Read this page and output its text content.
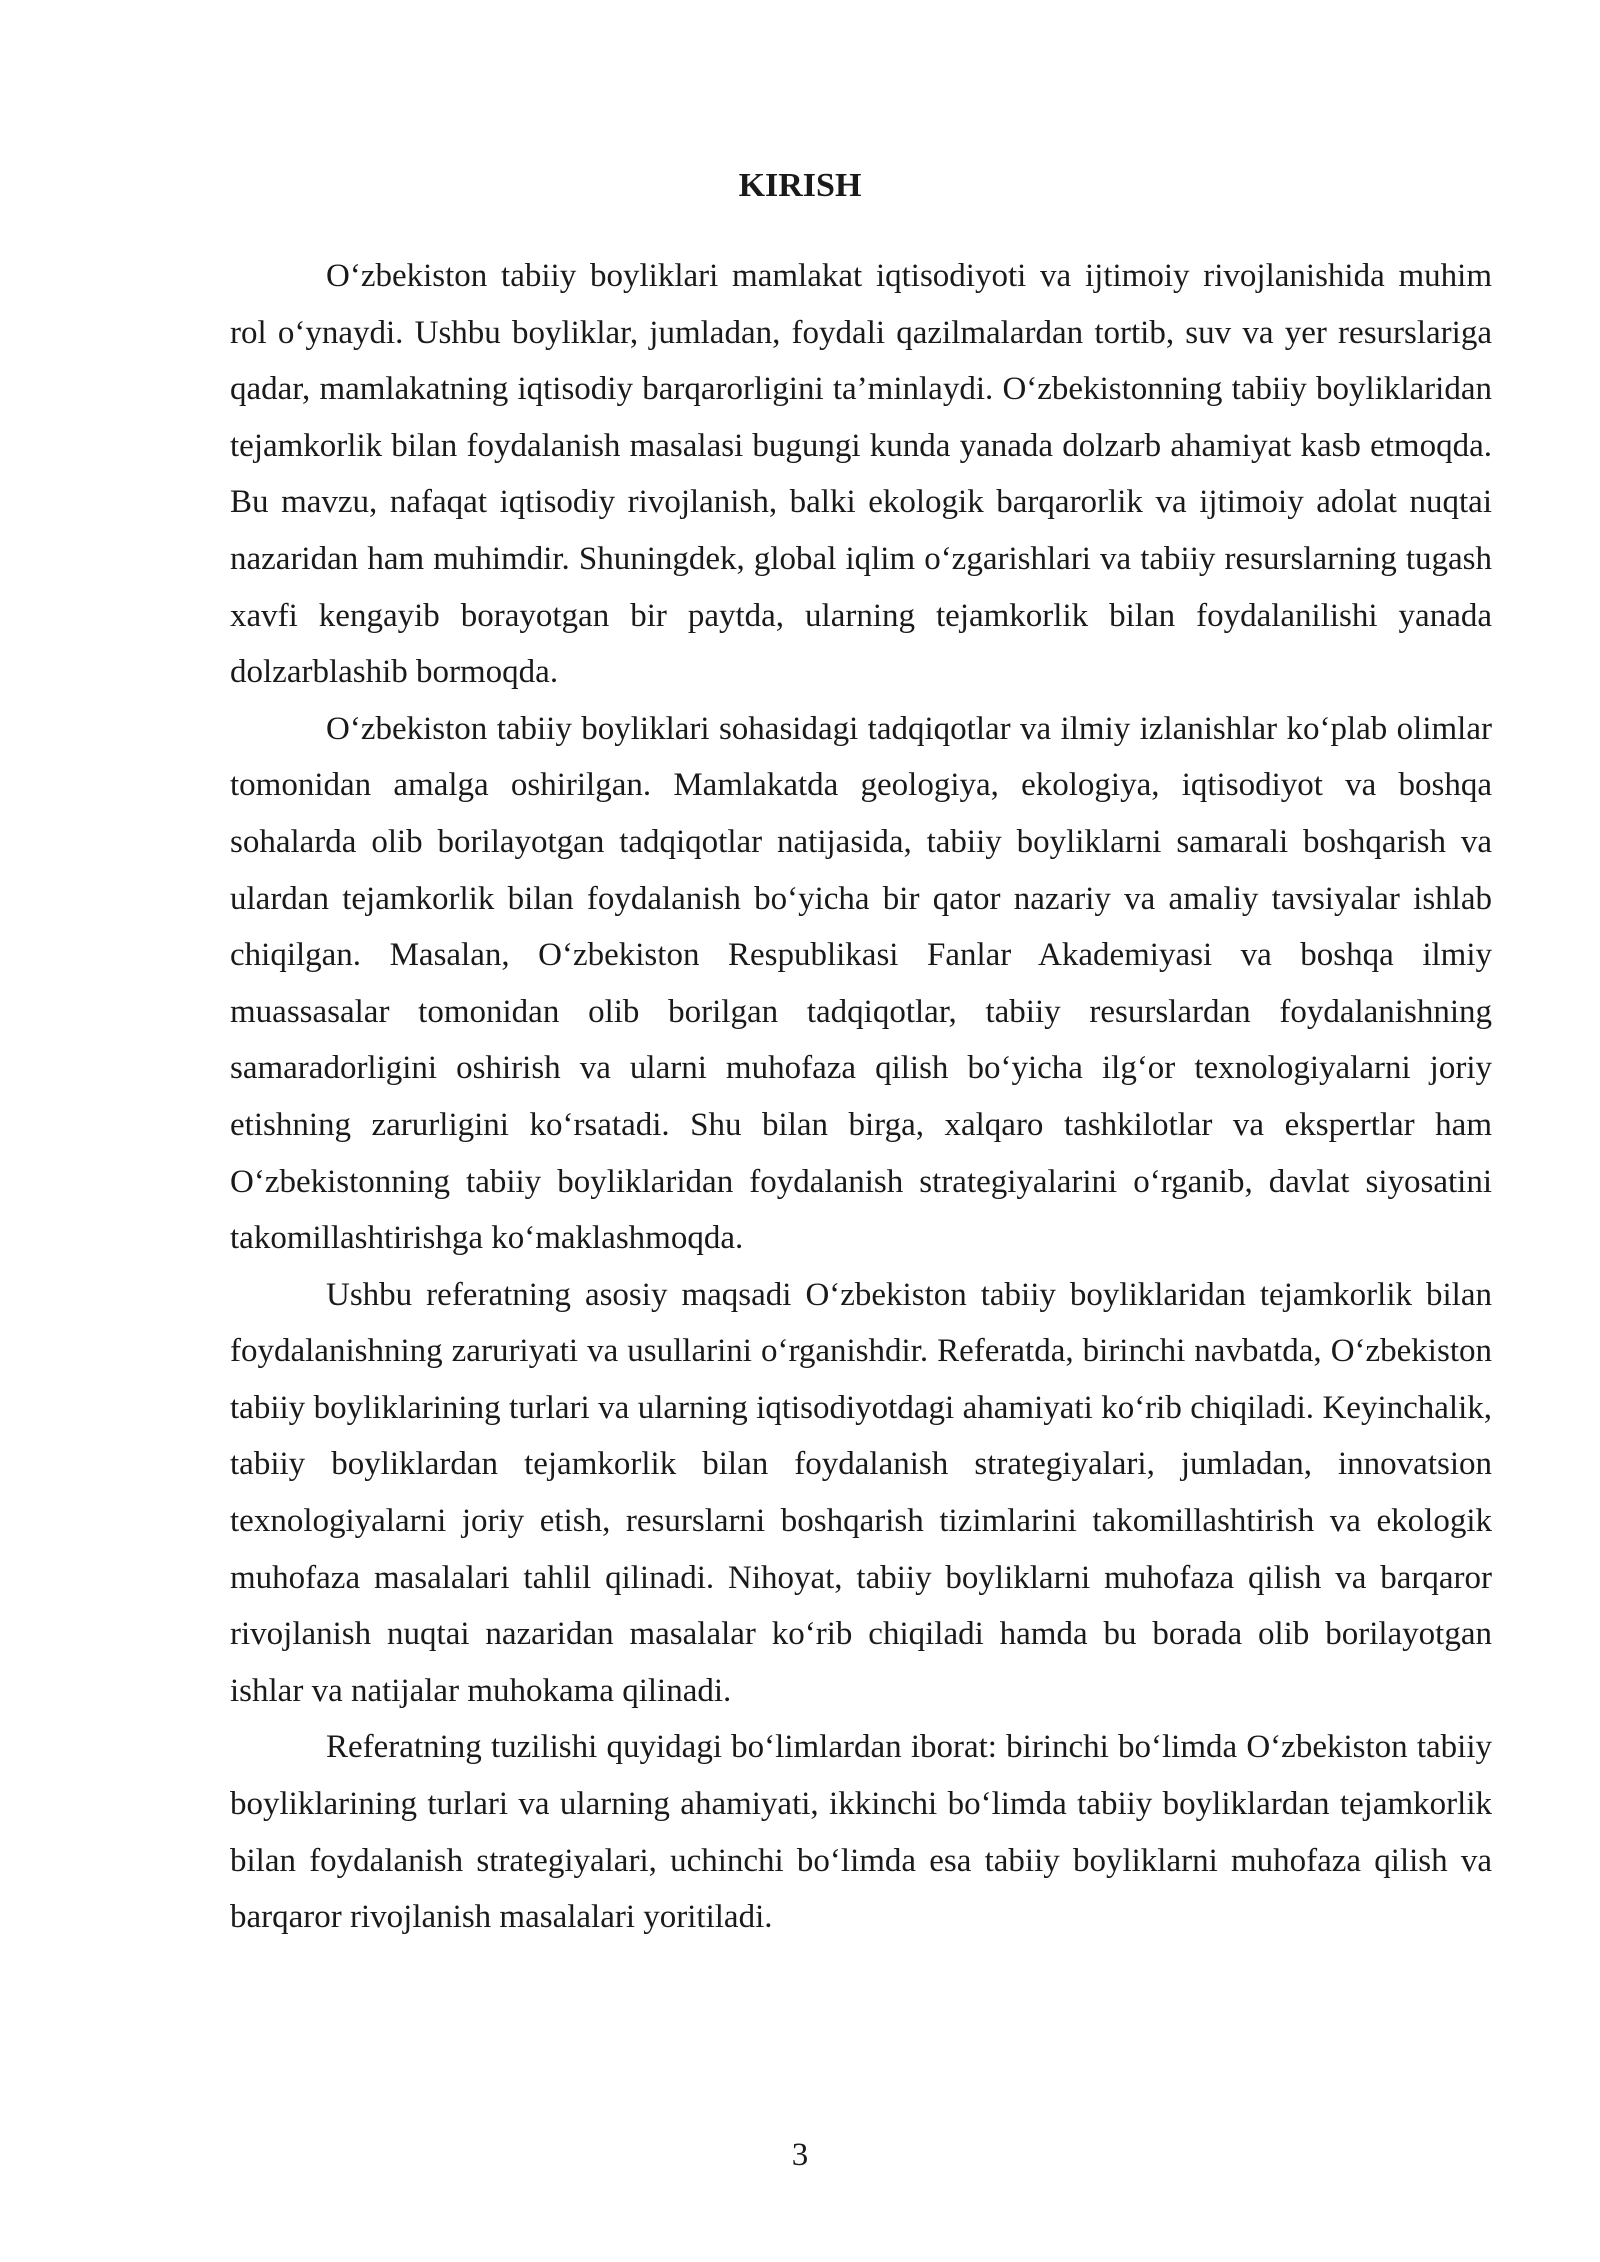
KIRISH

O‘zbekiston tabiiy boyliklari mamlakat iqtisodiyoti va ijtimoiy rivojlanishida muhim rol o‘ynaydi. Ushbu boyliklar, jumladan, foydali qazilmalardan tortib, suv va yer resurslariga qadar, mamlakatning iqtisodiy barqarorligini ta’minlaydi. O‘zbekistonning tabiiy boyliklaridan tejamkorlik bilan foydalanish masalasi bugungi kunda yanada dolzarb ahamiyat kasb etmoqda. Bu mavzu, nafaqat iqtisodiy rivojlanish, balki ekologik barqarorlik va ijtimoiy adolat nuqtai nazaridan ham muhimdir. Shuningdek, global iqlim o‘zgarishlari va tabiiy resurslarning tugash xavfi kengayib borayotgan bir paytda, ularning tejamkorlik bilan foydalanilishi yanada dolzarblashib bormoqda.

O‘zbekiston tabiiy boyliklari sohasidagi tadqiqotlar va ilmiy izlanishlar ko‘plab olimlar tomonidan amalga oshirilgan. Mamlakatda geologiya, ekologiya, iqtisodiyot va boshqa sohalarda olib borilayotgan tadqiqotlar natijasida, tabiiy boyliklarni samarali boshqarish va ulardan tejamkorlik bilan foydalanish bo‘yicha bir qator nazariy va amaliy tavsiyalar ishlab chiqilgan. Masalan, O‘zbekiston Respublikasi Fanlar Akademiyasi va boshqa ilmiy muassasalar tomonidan olib borilgan tadqiqotlar, tabiiy resurslardan foydalanishning samaradorligini oshirish va ularni muhofaza qilish bo‘yicha ilg‘or texnologiyalarni joriy etishning zarurligini ko‘rsatadi. Shu bilan birga, xalqaro tashkilotlar va ekspertlar ham O‘zbekistonning tabiiy boyliklaridan foydalanish strategiyalarini o‘rganib, davlat siyosatini takomillashtirishga ko‘maklashmoqda.

Ushbu referatning asosiy maqsadi O‘zbekiston tabiiy boyliklaridan tejamkorlik bilan foydalanishning zaruriyati va usullarini o‘rganishdir. Referatda, birinchi navbatda, O‘zbekiston tabiiy boyliklarining turlari va ularning iqtisodiyotdagi ahamiyati ko‘rib chiqiladi. Keyinchalik, tabiiy boyliklardan tejamkorlik bilan foydalanish strategiyalari, jumladan, innovatsion texnologiyalarni joriy etish, resurslarni boshqarish tizimlarini takomillashtirish va ekologik muhofaza masalalari tahlil qilinadi. Nihoyat, tabiiy boyliklarni muhofaza qilish va barqaror rivojlanish nuqtai nazaridan masalalar ko‘rib chiqiladi hamda bu borada olib borilayotgan ishlar va natijalar muhokama qilinadi.

Referatning tuzilishi quyidagi bo‘limlardan iborat: birinchi bo‘limda O‘zbekiston tabiiy boyliklarining turlari va ularning ahamiyati, ikkinchi bo‘limda tabiiy boyliklardan tejamkorlik bilan foydalanish strategiyalari, uchinchi bo‘limda esa tabiiy boyliklarni muhofaza qilish va barqaror rivojlanish masalalari yoritiladi.

3
